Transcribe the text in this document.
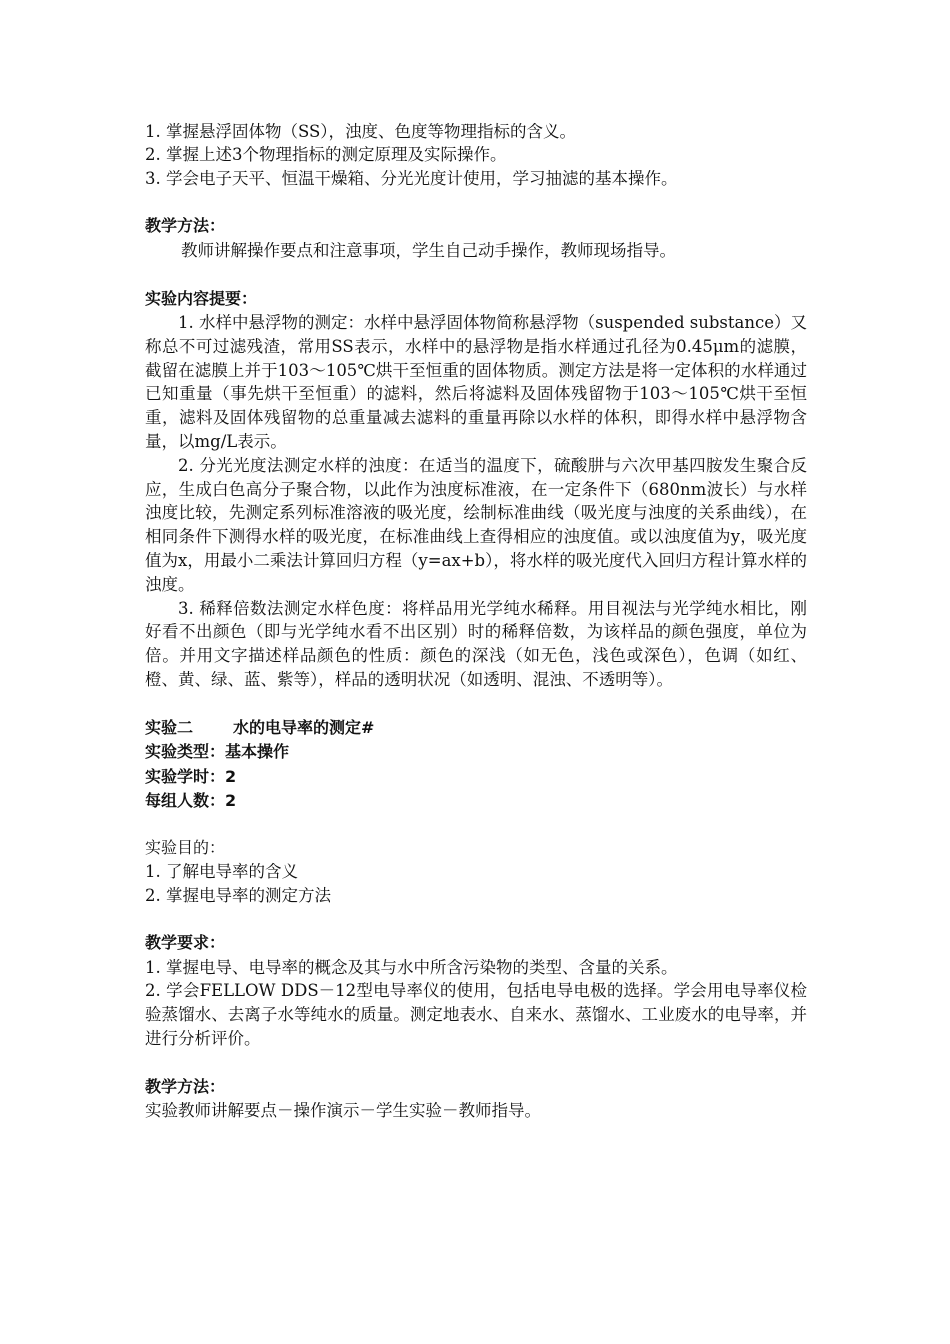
1. 掌握悬浮固体物（SS），浊度、色度等物理指标的含义。
2. 掌握上述3个物理指标的测定原理及实际操作。
3. 学会电子天平、恒温干燥箱、分光光度计使用，学习抽滤的基本操作。
教学方法：
教师讲解操作要点和注意事项，学生自己动手操作，教师现场指导。
实验内容提要：
1. 水样中悬浮物的测定：水样中悬浮固体物简称悬浮物（suspended substance）又称总不可过滤残渣，常用SS表示，水样中的悬浮物是指水样通过孔径为0.45μm的滤膜，截留在滤膜上并于103～105℃烘干至恒重的固体物质。测定方法是将一定体积的水样通过已知重量（事先烘干至恒重）的滤料，然后将滤料及固体残留物于103～105℃烘干至恒重，滤料及固体残留物的总重量减去滤料的重量再除以水样的体积，即得水样中悬浮物含量，以mg/L表示。
2. 分光光度法测定水样的浊度：在适当的温度下，硫酸肼与六次甲基四胺发生聚合反应，生成白色高分子聚合物，以此作为浊度标准液，在一定条件下（680nm波长）与水样浊度比较，先测定系列标准溶液的吸光度，绘制标准曲线（吸光度与浊度的关系曲线），在相同条件下测得水样的吸光度，在标准曲线上查得相应的浊度值。或以浊度值为y，吸光度值为x，用最小二乘法计算回归方程（y=ax+b），将水样的吸光度代入回归方程计算水样的浊度。
3. 稀释倍数法测定水样色度：将样品用光学纯水稀释。用目视法与光学纯水相比，刚好看不出颜色（即与光学纯水看不出区别）时的稀释倍数，为该样品的颜色强度，单位为倍。并用文字描述样品颜色的性质：颜色的深浅（如无色，浅色或深色），色调（如红、橙、黄、绿、蓝、紫等），样品的透明状况（如透明、混浊、不透明等）。
实验二	水的电导率的测定#
实验类型：基本操作
实验学时：2
每组人数：2
实验目的：
1. 了解电导率的含义
2. 掌握电导率的测定方法
教学要求：
1. 掌握电导、电导率的概念及其与水中所含污染物的类型、含量的关系。
2. 学会FELLOW DDS－12型电导率仪的使用，包括电导电极的选择。学会用电导率仪检验蒸馏水、去离子水等纯水的质量。测定地表水、自来水、蒸馏水、工业废水的电导率，并进行分析评价。
教学方法：
实验教师讲解要点－操作演示－学生实验－教师指导。
